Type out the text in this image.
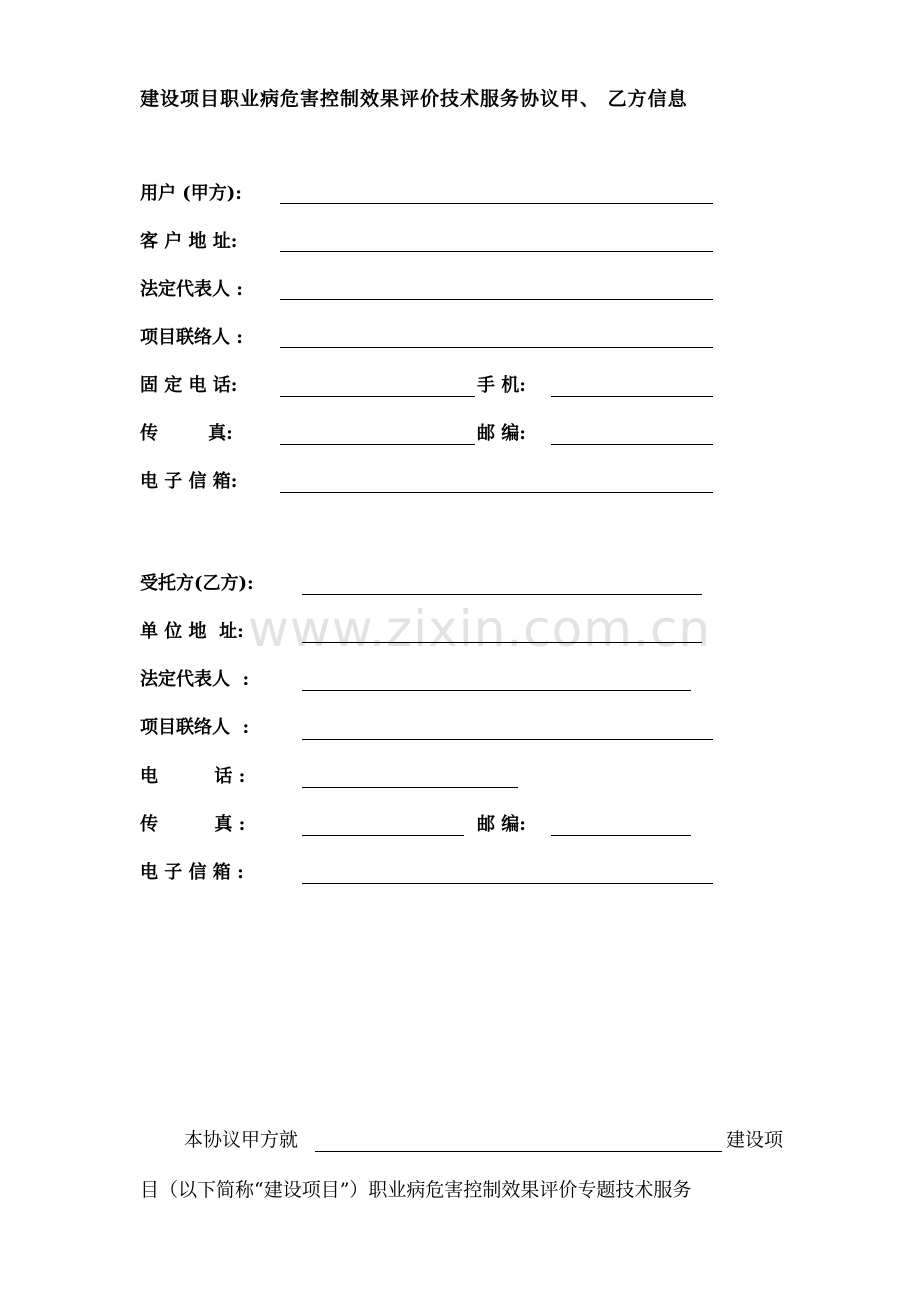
建设项目职业病危害控制效果评价技术服务协议甲、 乙方信息
用户 (甲方):
客 户 地 址:
法定代表人 :
项目联络人 :
固 定 电 话:	手 机:
传        真:	邮 编:
电 子 信 箱:
www.zixin.com.cn
受托方(乙方):
单 位 地  址:
法定代表人  :
项目联络人  :
电         话 :
传         真 :	邮 编:
电 子 信 箱 :
本协议甲方就	建设项
目（以下简称“建设项目”）职业病危害控制效果评价专题技术服务
